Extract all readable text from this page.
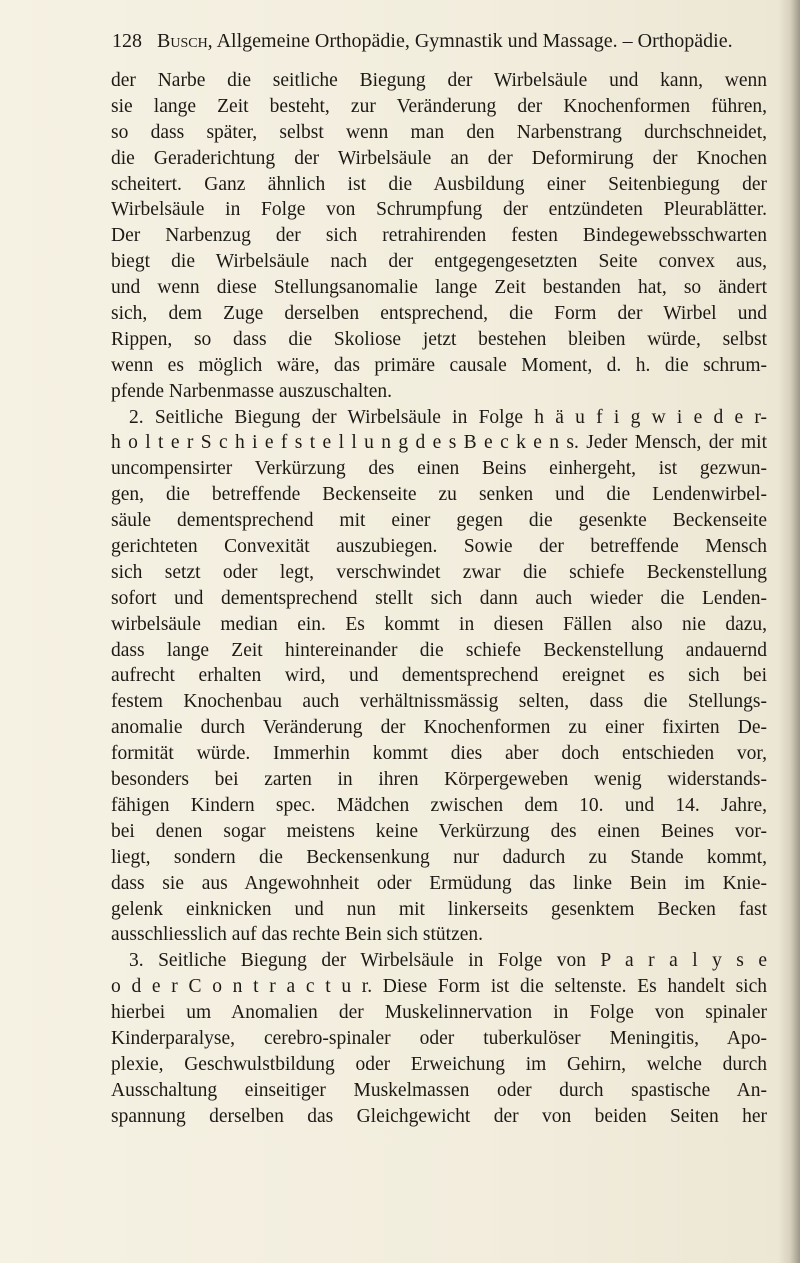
128 Busch, Allgemeine Orthopädie, Gymnastik und Massage. – Orthopädie.
der Narbe die seitliche Biegung der Wirbelsäule und kann, wenn
sie lange Zeit besteht, zur Veränderung der Knochenformen führen,
so dass später, selbst wenn man den Narbenstrang durchschneidet,
die Geraderichtung der Wirbelsäule an der Deformirung der Knochen
scheitert. Ganz ähnlich ist die Ausbildung einer Seitenbiegung der
Wirbelsäule in Folge von Schrumpfung der entzündeten Pleurablätter.
Der Narbenzug der sich retrahirenden festen Bindegewebsschwarten
biegt die Wirbelsäule nach der entgegengesetzten Seite convex aus,
und wenn diese Stellungsanomalie lange Zeit bestanden hat, so ändert
sich, dem Zuge derselben entsprechend, die Form der Wirbel und
Rippen, so dass die Skoliose jetzt bestehen bleiben würde, selbst
wenn es möglich wäre, das primäre causale Moment, d. h. die schrum-
pfende Narbenmasse auszuschalten.
2. Seitliche Biegung der Wirbelsäule in Folge h ä u f i g w i e d e r-
h o l t e r S c h i e f s t e l l u n g d e s B e c k e n s. Jeder Mensch, der mit
uncompensirter Verkürzung des einen Beins einhergeht, ist gezwun-
gen, die betreffende Beckenseite zu senken und die Lendenwirbel-
säule dementsprechend mit einer gegen die gesenkte Beckenseite
gerichteten Convexität auszubiegen. Sowie der betreffende Mensch
sich setzt oder legt, verschwindet zwar die schiefe Beckenstellung
sofort und dementsprechend stellt sich dann auch wieder die Lenden-
wirbelsäule median ein. Es kommt in diesen Fällen also nie dazu,
dass lange Zeit hintereinander die schiefe Beckenstellung andauernd
aufrecht erhalten wird, und dementsprechend ereignet es sich bei
festem Knochenbau auch verhältnissmässig selten, dass die Stellungs-
anomalie durch Veränderung der Knochenformen zu einer fixirten De-
formität würde. Immerhin kommt dies aber doch entschieden vor,
besonders bei zarten in ihren Körpergeweben wenig widerstands-
fähigen Kindern spec. Mädchen zwischen dem 10. und 14. Jahre,
bei denen sogar meistens keine Verkürzung des einen Beines vor-
liegt, sondern die Beckensenkung nur dadurch zu Stande kommt,
dass sie aus Angewohnheit oder Ermüdung das linke Bein im Knie-
gelenk einknicken und nun mit linkerseits gesenktem Becken fast
ausschliesslich auf das rechte Bein sich stützen.
3. Seitliche Biegung der Wirbelsäule in Folge von P a r a l y s e
o d e r C o n t r a c t u r. Diese Form ist die seltenste. Es handelt sich
hierbei um Anomalien der Muskelinnervation in Folge von spinaler
Kinderparalyse, cerebro-spinaler oder tuberkulöser Meningitis, Apo-
plexie, Geschwulstbildung oder Erweichung im Gehirn, welche durch
Ausschaltung einseitiger Muskelmassen oder durch spastische An-
spannung derselben das Gleichgewicht der von beiden Seiten her
